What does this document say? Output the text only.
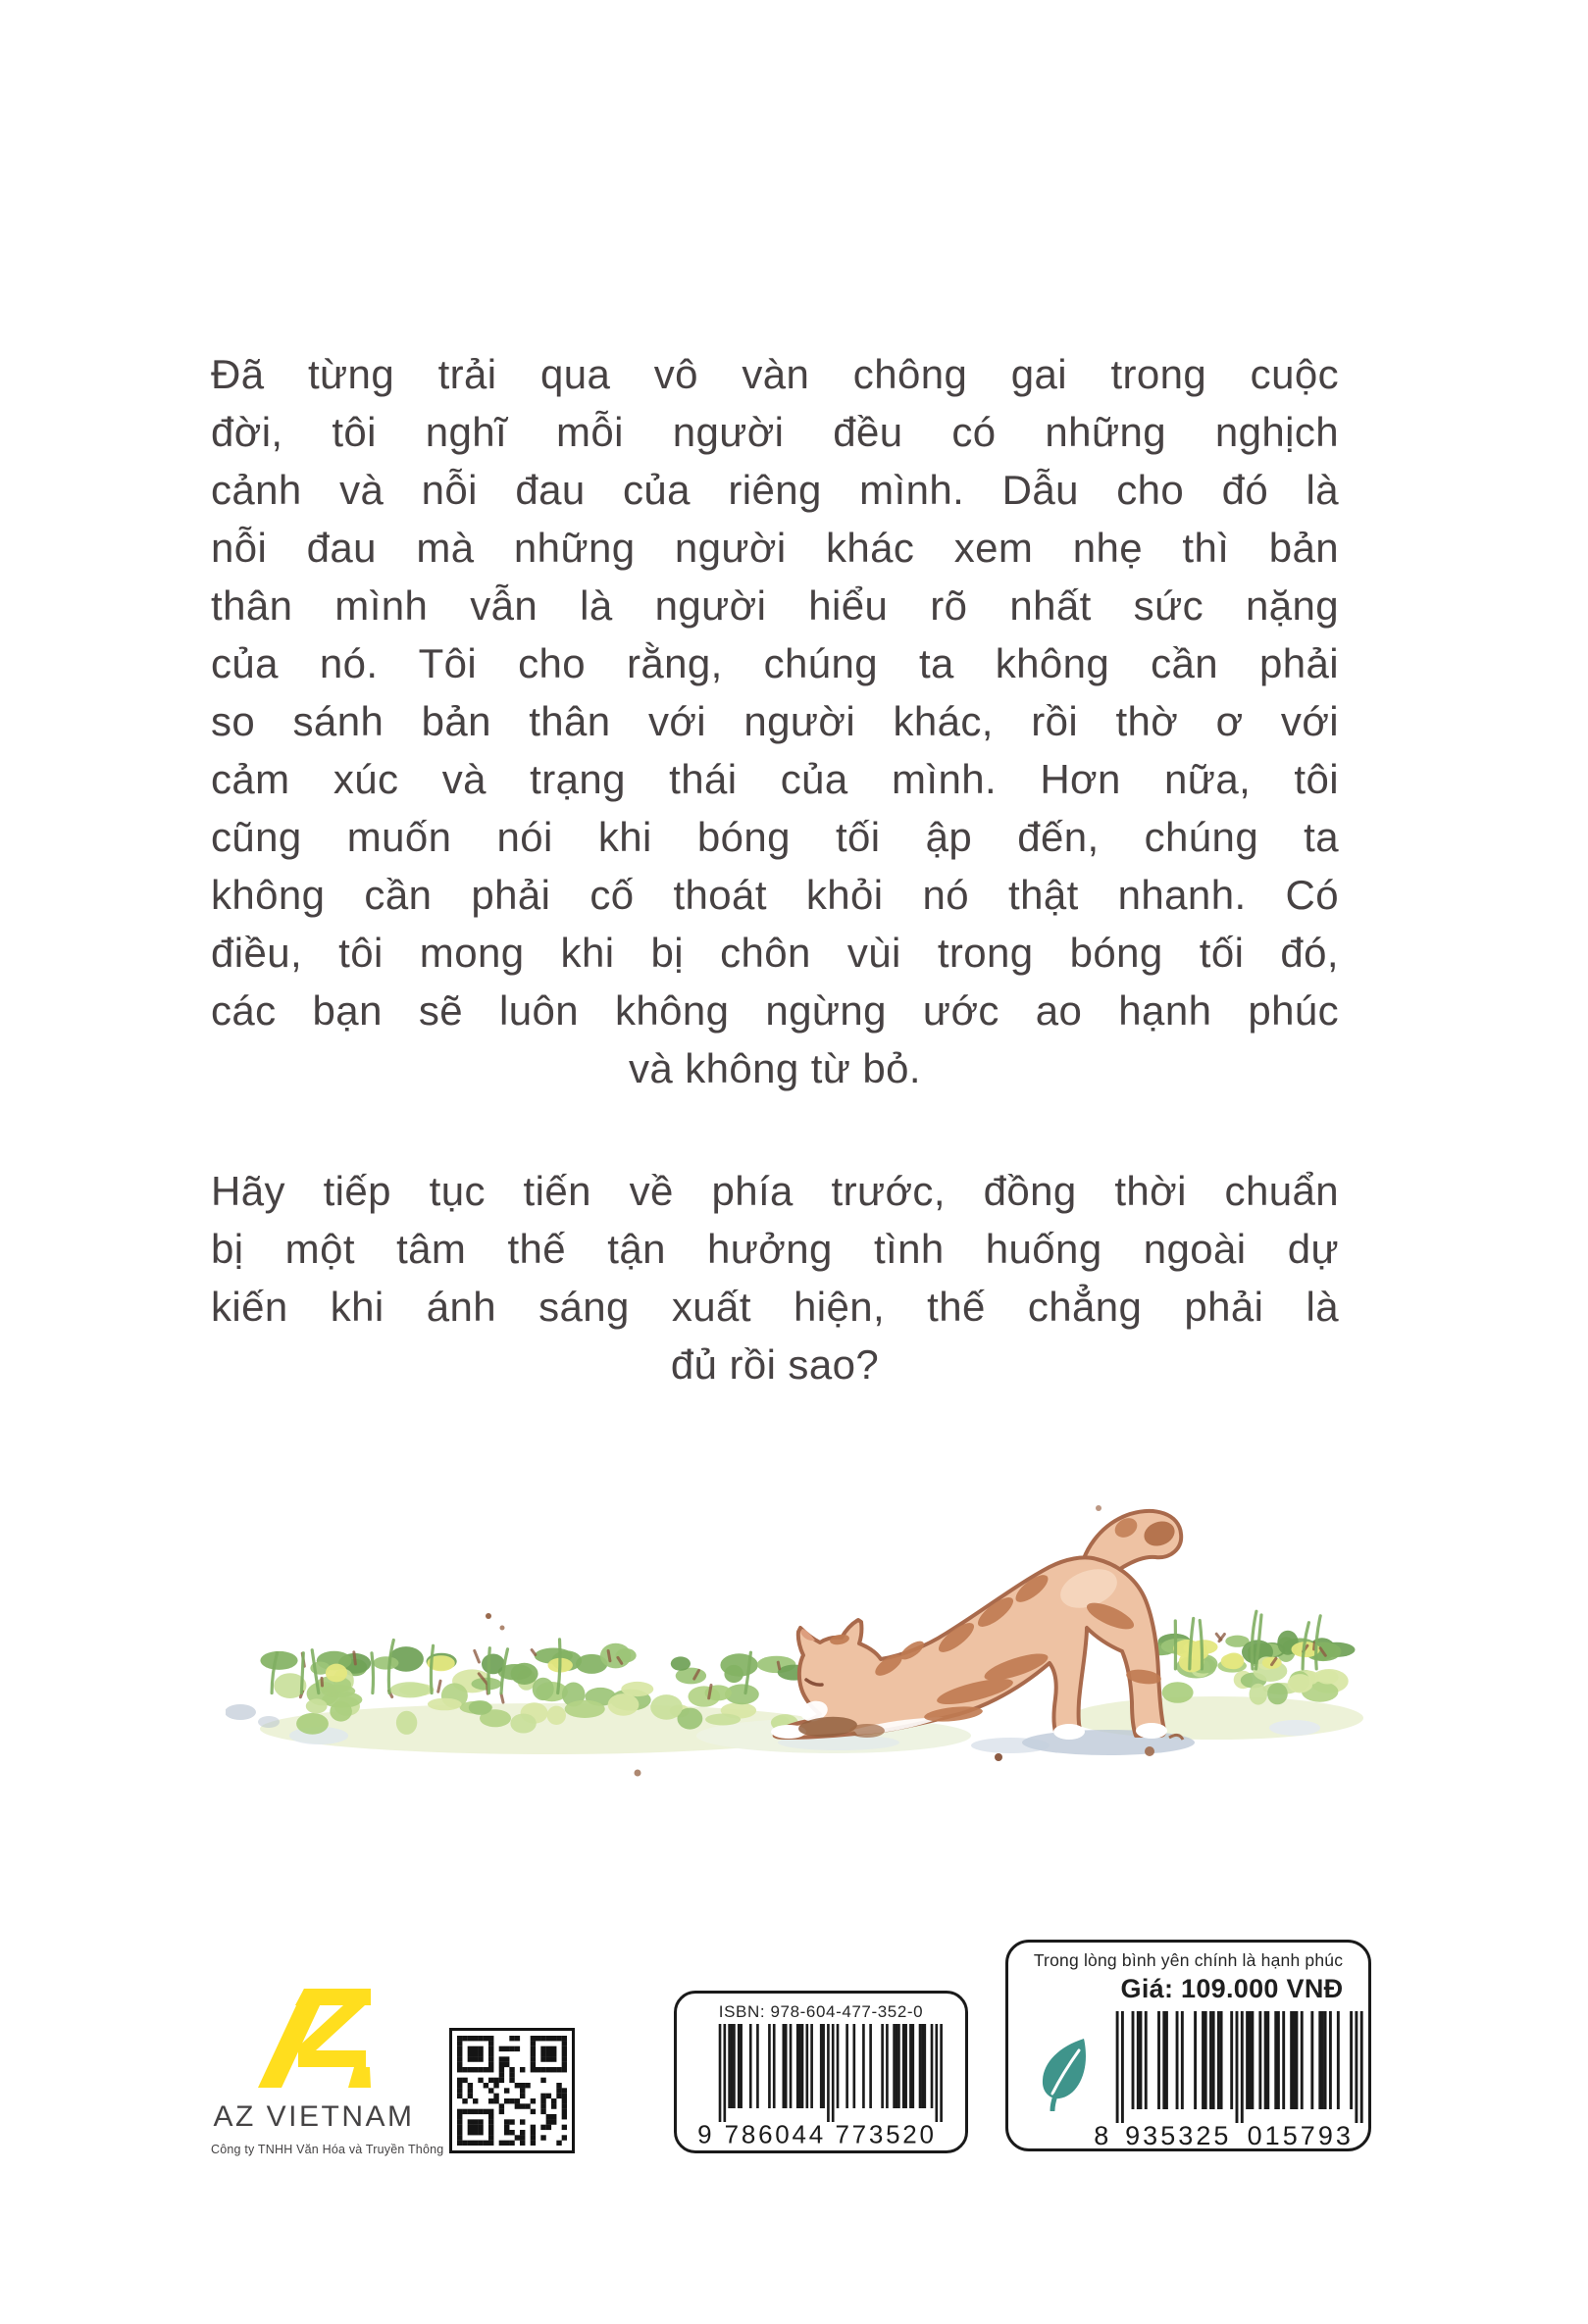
Đã từng trải qua vô vàn chông gai trong cuộc
đời, tôi nghĩ mỗi người đều có những nghịch
cảnh và nỗi đau của riêng mình. Dẫu cho đó là
nỗi đau mà những người khác xem nhẹ thì bản
thân mình vẫn là người hiểu rõ nhất sức nặng
của nó. Tôi cho rằng, chúng ta không cần phải
so sánh bản thân với người khác, rồi thờ ơ với
cảm xúc và trạng thái của mình. Hơn nữa, tôi
cũng muốn nói khi bóng tối ập đến, chúng ta
không cần phải cố thoát khỏi nó thật nhanh. Có
điều, tôi mong khi bị chôn vùi trong bóng tối đó,
các bạn sẽ luôn không ngừng ước ao hạnh phúc
và không từ bỏ.
Hãy tiếp tục tiến về phía trước, đồng thời chuẩn
bị một tâm thế tận hưởng tình huống ngoài dự
kiến khi ánh sáng xuất hiện, thế chẳng phải là
đủ rồi sao?
AZ VIETNAM
Công ty TNHH Văn Hóa và Truyền Thông
ISBN: 978-604-477-352-0
9 786044 773520
Trong lòng bình yên chính là hạnh phúc
Giá: 109.000 VNĐ
8 935325 015793
